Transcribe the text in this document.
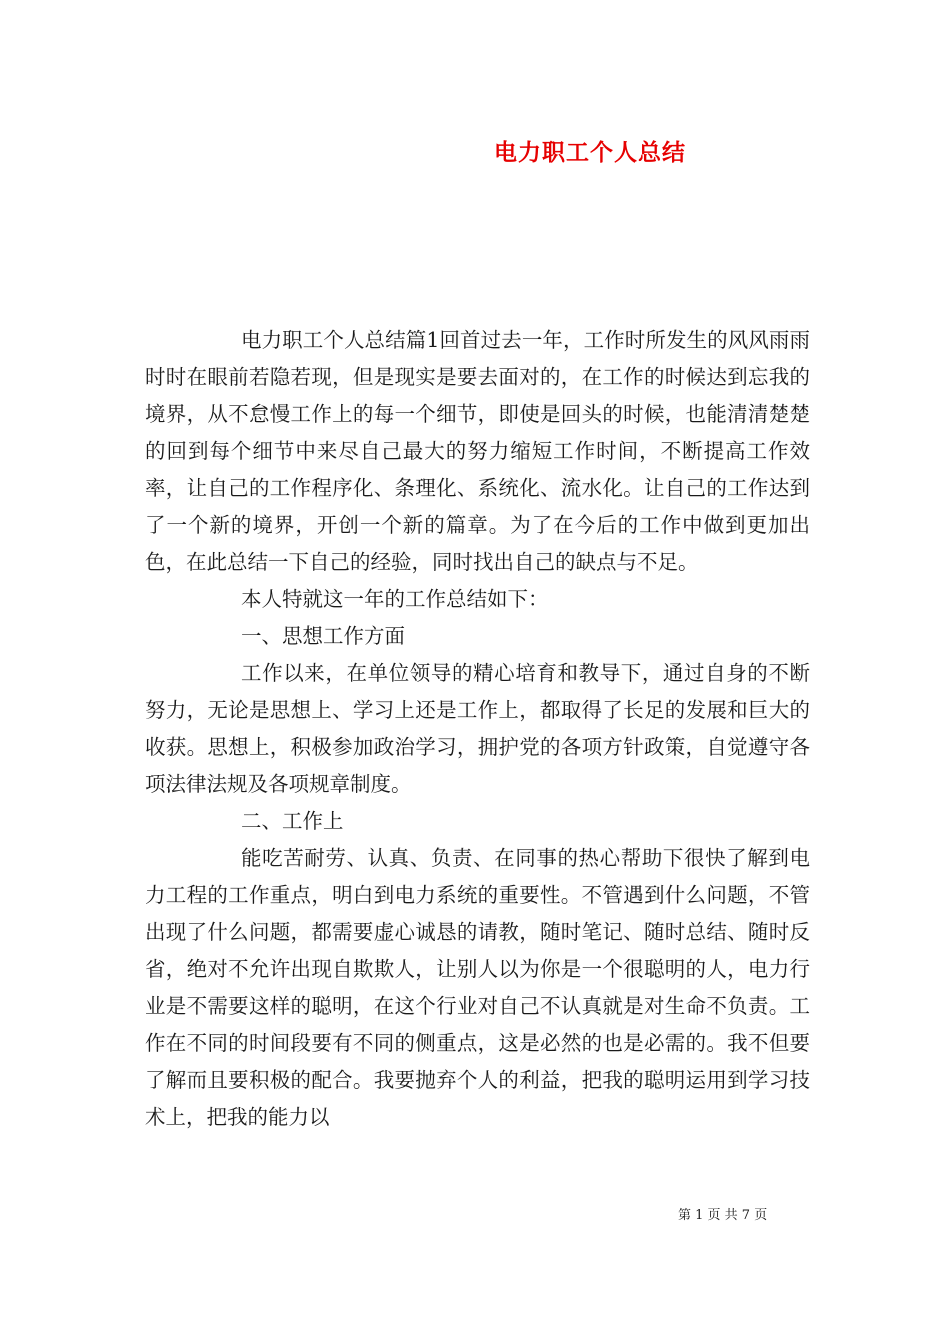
电力职工个人总结

电力职工个人总结篇1回首过去一年，工作时所发生的风风雨雨时时在眼前若隐若现，但是现实是要去面对的，在工作的时候达到忘我的境界，从不怠慢工作上的每一个细节，即使是回头的时候，也能清清楚楚的回到每个细节中来尽自己最大的努力缩短工作时间，不断提高工作效率，让自己的工作程序化、条理化、系统化、流水化。让自己的工作达到了一个新的境界，开创一个新的篇章。为了在今后的工作中做到更加出色，在此总结一下自己的经验，同时找出自己的缺点与不足。

本人特就这一年的工作总结如下：

一、思想工作方面

工作以来，在单位领导的精心培育和教导下，通过自身的不断努力，无论是思想上、学习上还是工作上，都取得了长足的发展和巨大的收获。思想上，积极参加政治学习，拥护党的各项方针政策，自觉遵守各项法律法规及各项规章制度。

二、工作上

能吃苦耐劳、认真、负责、在同事的热心帮助下很快了解到电力工程的工作重点，明白到电力系统的重要性。不管遇到什么问题，不管出现了什么问题，都需要虚心诚恳的请教，随时笔记、随时总结、随时反省，绝对不允许出现自欺欺人，让别人以为你是一个很聪明的人，电力行业是不需要这样的聪明，在这个行业对自己不认真就是对生命不负责。工作在不同的时间段要有不同的侧重点，这是必然的也是必需的。我不但要了解而且要积极的配合。我要抛弃个人的利益，把我的聪明运用到学习技术上，把我的能力以

第 1 页 共 7 页
